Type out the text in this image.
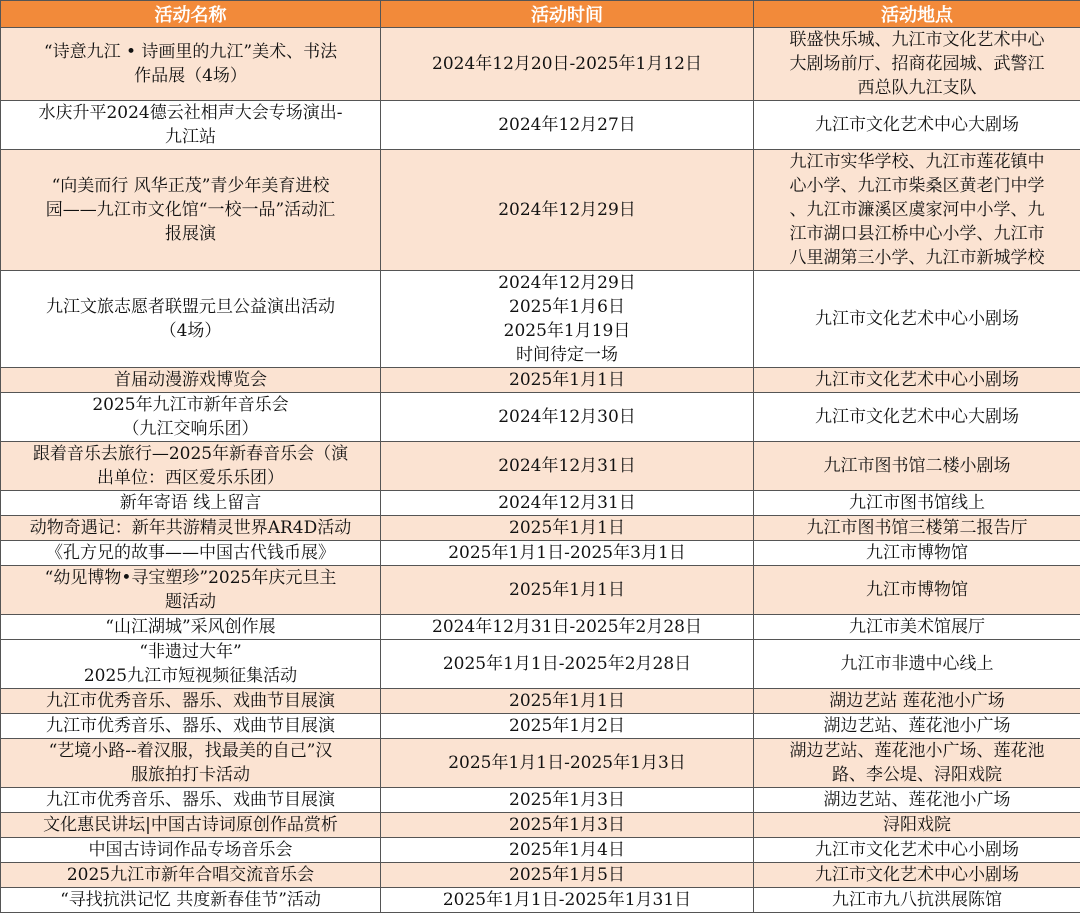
活动名称	活动时间	活动地点
“诗意九江 • 诗画里的九江”美术、书法
作品展（4场）	2024年12月20日-2025年1月12日	联盛快乐城、九江市文化艺术中心
大剧场前厅、招商花园城、武警江
西总队九江支队
水庆升平2024德云社相声大会专场演出-
九江站	2024年12月27日	九江市文化艺术中心大剧场
“向美而行 风华正茂”青少年美育进校
园——九江市文化馆“一校一品”活动汇
报展演	2024年12月29日	九江市实华学校、九江市莲花镇中
心小学、九江市柴桑区黄老门中学
、九江市濂溪区虞家河中小学、九
江市湖口县江桥中心小学、九江市
八里湖第三小学、九江市新城学校
九江文旅志愿者联盟元旦公益演出活动
（4场）	2024年12月29日
2025年1月6日
2025年1月19日
时间待定一场	九江市文化艺术中心小剧场
首届动漫游戏博览会	2025年1月1日	九江市文化艺术中心小剧场
2025年九江市新年音乐会
（九江交响乐团）	2024年12月30日	九江市文化艺术中心大剧场
跟着音乐去旅行—2025年新春音乐会（演
出单位：西区爱乐乐团）	2024年12月31日	九江市图书馆二楼小剧场
新年寄语 线上留言	2024年12月31日	九江市图书馆线上
动物奇遇记：新年共游精灵世界AR4D活动	2025年1月1日	九江市图书馆三楼第二报告厅
《孔方兄的故事——中国古代钱币展》	2025年1月1日-2025年3月1日	九江市博物馆
“幼见博物•寻宝塑珍”2025年庆元旦主
题活动	2025年1月1日	九江市博物馆
“山江湖城”采风创作展	2024年12月31日-2025年2月28日	九江市美术馆展厅
“非遗过大年”
2025九江市短视频征集活动	2025年1月1日-2025年2月28日	九江市非遗中心线上
九江市优秀音乐、器乐、戏曲节目展演	2025年1月1日	湖边艺站 莲花池小广场
九江市优秀音乐、器乐、戏曲节目展演	2025年1月2日	湖边艺站、莲花池小广场
“艺境小路--着汉服，找最美的自己”汉
服旅拍打卡活动	2025年1月1日-2025年1月3日	湖边艺站、莲花池小广场、莲花池
路、李公堤、浔阳戏院
九江市优秀音乐、器乐、戏曲节目展演	2025年1月3日	湖边艺站、莲花池小广场
文化惠民讲坛|中国古诗词原创作品赏析	2025年1月3日	浔阳戏院
中国古诗词作品专场音乐会	2025年1月4日	九江市文化艺术中心小剧场
2025九江市新年合唱交流音乐会	2025年1月5日	九江市文化艺术中心小剧场
“寻找抗洪记忆 共度新春佳节”活动	2025年1月1日-2025年1月31日	九江市九八抗洪展陈馆
